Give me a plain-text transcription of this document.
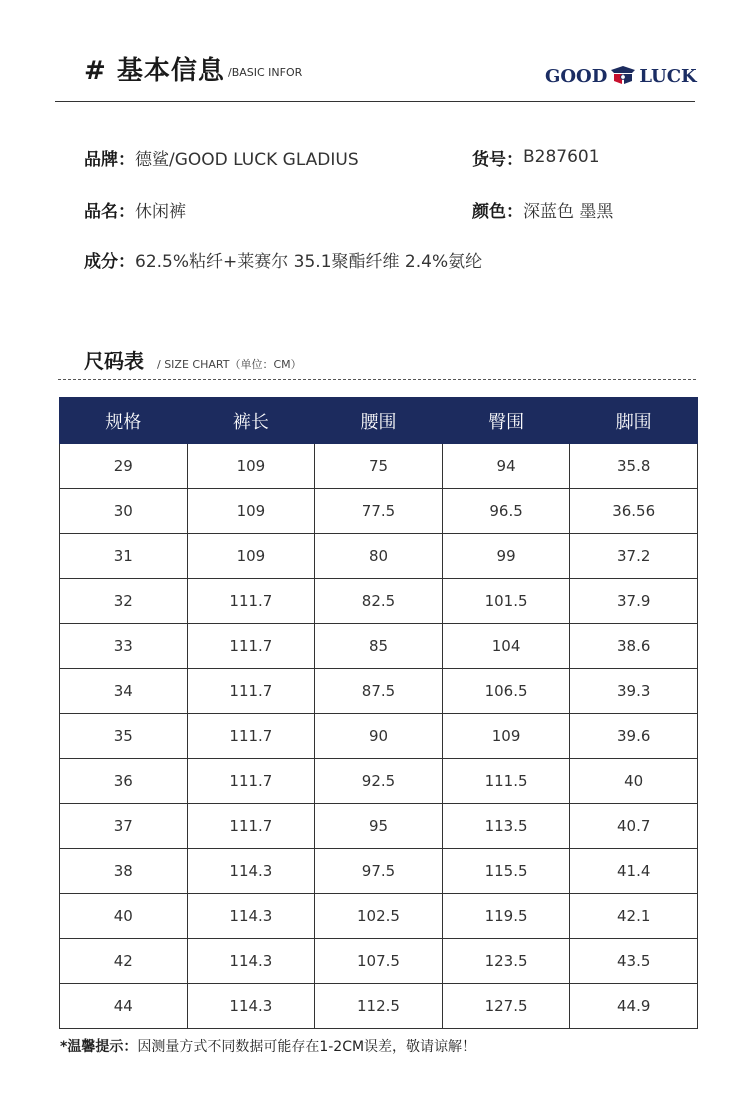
# 基本信息 /BASIC INFOR	GOOD LUCK
品牌： 德鲨/GOOD LUCK GLADIUS	货号： B287601
品名： 休闲裤	颜色： 深蓝色 墨黑
成分： 62.5%粘纤+莱赛尔 35.1聚酯纤维 2.4%氨纶
尺码表 / SIZE CHART（单位：CM）
规格	裤长	腰围	臀围	脚围
29	109	75	94	35.8
30	109	77.5	96.5	36.56
31	109	80	99	37.2
32	111.7	82.5	101.5	37.9
33	111.7	85	104	38.6
34	111.7	87.5	106.5	39.3
35	111.7	90	109	39.6
36	111.7	92.5	111.5	40
37	111.7	95	113.5	40.7
38	114.3	97.5	115.5	41.4
40	114.3	102.5	119.5	42.1
42	114.3	107.5	123.5	43.5
44	114.3	112.5	127.5	44.9
*温馨提示：因测量方式不同数据可能存在1-2CM误差，敬请谅解！
